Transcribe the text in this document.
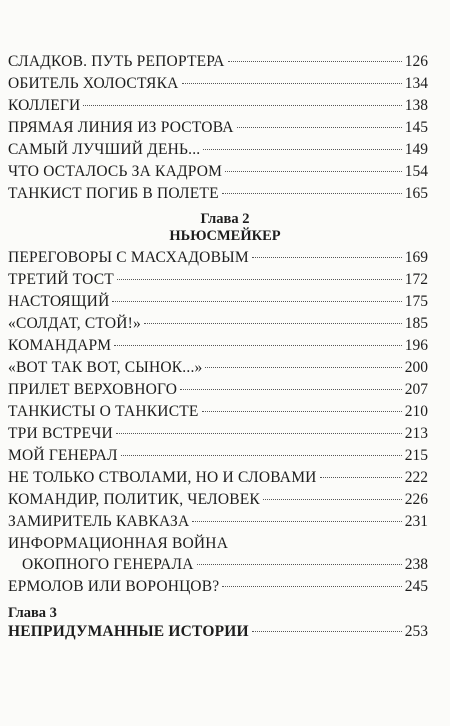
СЛАДКОВ. ПУТЬ РЕПОРТЕРА	126
ОБИТЕЛЬ ХОЛОСТЯКА	134
КОЛЛЕГИ	138
ПРЯМАЯ ЛИНИЯ ИЗ РОСТОВА	145
САМЫЙ ЛУЧШИЙ ДЕНЬ...	149
ЧТО ОСТАЛОСЬ ЗА КАДРОМ	154
ТАНКИСТ ПОГИБ В ПОЛЕТЕ	165
Глава 2
НЬЮСМЕЙКЕР
ПЕРЕГОВОРЫ С МАСХАДОВЫМ	169
ТРЕТИЙ ТОСТ	172
НАСТОЯЩИЙ	175
«СОЛДАТ, СТОЙ!»	185
КОМАНДАРМ	196
«ВОТ ТАК ВОТ, СЫНОК...»	200
ПРИЛЕТ ВЕРХОВНОГО	207
ТАНКИСТЫ О ТАНКИСТЕ	210
ТРИ ВСТРЕЧИ	213
МОЙ ГЕНЕРАЛ	215
НЕ ТОЛЬКО СТВОЛАМИ, НО И СЛОВАМИ	222
КОМАНДИР, ПОЛИТИК, ЧЕЛОВЕК	226
ЗАМИРИТЕЛЬ КАВКАЗА	231
ИНФОРМАЦИОННАЯ ВОЙНА
ОКОПНОГО ГЕНЕРАЛА	238
ЕРМОЛОВ ИЛИ ВОРОНЦОВ?	245
Глава 3
НЕПРИДУМАННЫЕ ИСТОРИИ	253
